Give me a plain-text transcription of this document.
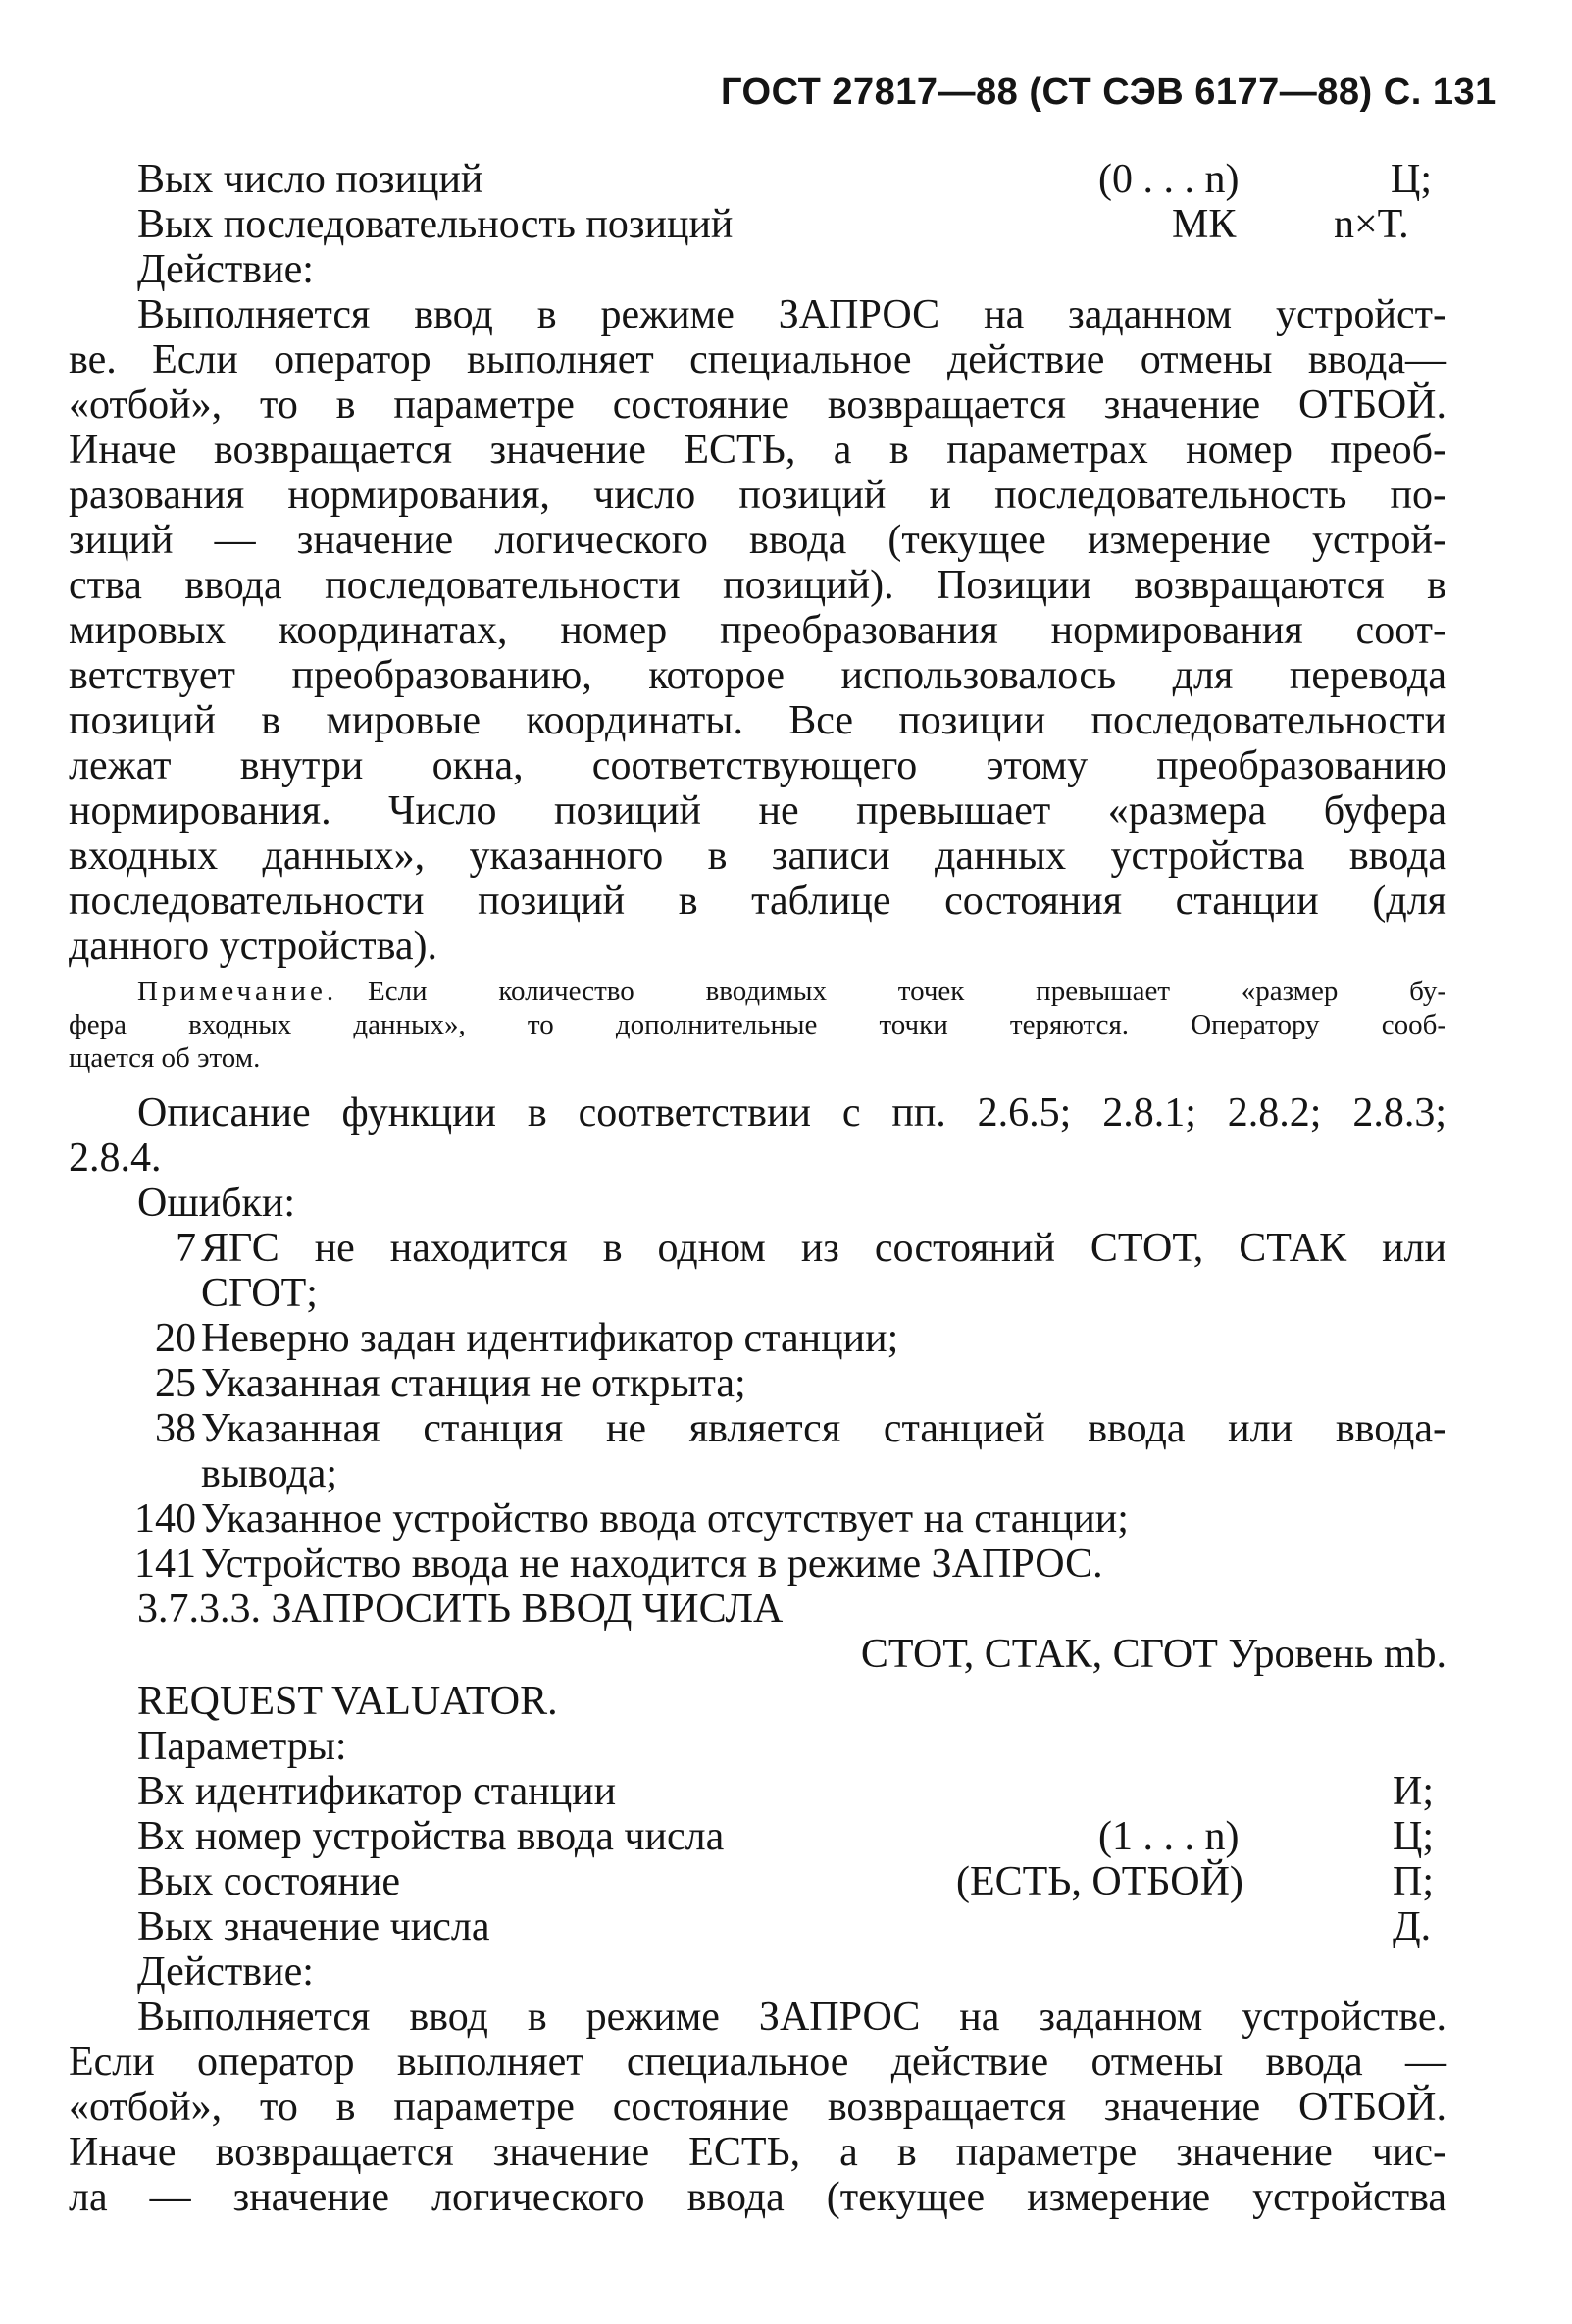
ГОСТ 27817—88 (СТ СЭВ 6177—88) С. 131
Вых число позиций	(0 . . . n)	Ц;
Вых последовательность позиций	МК n×Т.
Действие:
Выполняется ввод в режиме ЗАПРОС на заданном устройст-
ве. Если оператор выполняет специальное действие отмены ввода—
«отбой», то в параметре состояние возвращается значение ОТБОЙ.
Иначе возвращается значение ЕСТЬ, а в параметрах номер преоб-
разования нормирования, число позиций и последовательность по-
зиций — значение логического ввода (текущее измерение устрой-
ства ввода последовательности позиций). Позиции возвращаются в
мировых координатах, номер преобразования нормирования соот-
ветствует преобразованию, которое использовалось для перевода
позиций в мировые координаты. Все позиции последовательности
лежат внутри окна, соответствующего этому преобразованию
нормирования. Число позиций не превышает «размера буфера
входных данных», указанного в записи данных устройства ввода
последовательности позиций в таблице состояния станции (для
данного устройства).
Примечание. Если количество вводимых точек превышает «размер бу-
фера входных данных», то дополнительные точки теряются. Оператору сооб-
щается об этом.
Описание функции в соответствии с пп. 2.6.5; 2.8.1; 2.8.2; 2.8.3;
2.8.4.
Ошибки:
7 ЯГС не находится в одном из состояний СТОТ, СТАК или
СГОТ;
20 Неверно задан идентификатор станции;
25 Указанная станция не открыта;
38 Указанная станция не является станцией ввода или ввода-
вывода;
140 Указанное устройство ввода отсутствует на станции;
141 Устройство ввода не находится в режиме ЗАПРОС.
3.7.3.3. ЗАПРОСИТЬ ВВОД ЧИСЛА
СТОТ, СТАК, СГОТ Уровень mb.
REQUEST VALUATOR.
Параметры:
Вх идентификатор станции	И;
Вх номер устройства ввода числа	(1 . . . n)	Ц;
Вых состояние	(ЕСТЬ, ОТБОЙ)	П;
Вых значение числа	Д.
Действие:
Выполняется ввод в режиме ЗАПРОС на заданном устройстве.
Если оператор выполняет специальное действие отмены ввода —
«отбой», то в параметре состояние возвращается значение ОТБОЙ.
Иначе возвращается значение ЕСТЬ, а в параметре значение чис-
ла — значение логического ввода (текущее измерение устройства
